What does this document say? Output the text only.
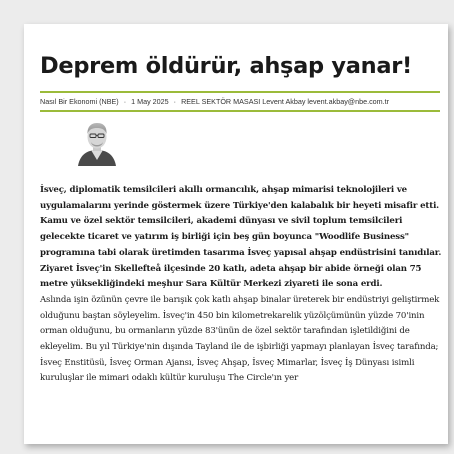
Deprem öldürür, ahşap yanar!
Nasıl Bir Ekonomi (NBE) · 1 May 2025 · REEL SEKTÖR MASASI Levent Akbay levent.akbay@nbe.com.tr

İsveç, diplomatik temsilcileri akıllı ormancılık, ahşap mimarisi teknolojileri ve uygulamalarını yerinde göstermek üzere Türkiye'den kalabalık bir heyeti misafir etti. Kamu ve özel sektör temsilcileri, akademi dünyası ve sivil toplum temsilcileri gelecekte ticaret ve yatırım iş birliği için beş gün boyunca "Woodlife Business" programına tabi olarak üretimden tasarıma İsveç yapısal ahşap endüstrisini tanıdılar. Ziyaret İsveç'in Skellefteå ilçesinde 20 katlı, adeta ahşap bir abide örneği olan 75 metre yüksekliğindeki meşhur Sara Kültür Merkezi ziyareti ile sona erdi.

Aslında işin özünün çevre ile barışık çok katlı ahşap binalar üreterek bir endüstriyi geliştirmek olduğunu baştan söyleyelim. İsveç'in 450 bin kilometrekarelik yüzölçümünün yüzde 70'inin orman olduğunu, bu ormanların yüzde 83'ünün de özel sektör tarafından işletildiğini de ekleyelim. Bu yıl Türkiye'nin dışında Tayland ile de işbirliği yapmayı planlayan İsveç tarafında; İsveç Enstitüsü, İsveç Orman Ajansı, İsveç Ahşap, İsveç Mimarlar, İsveç İş Dünyası isimli kuruluşlar ile mimari odaklı kültür kuruluşu The Circle'ın yer
